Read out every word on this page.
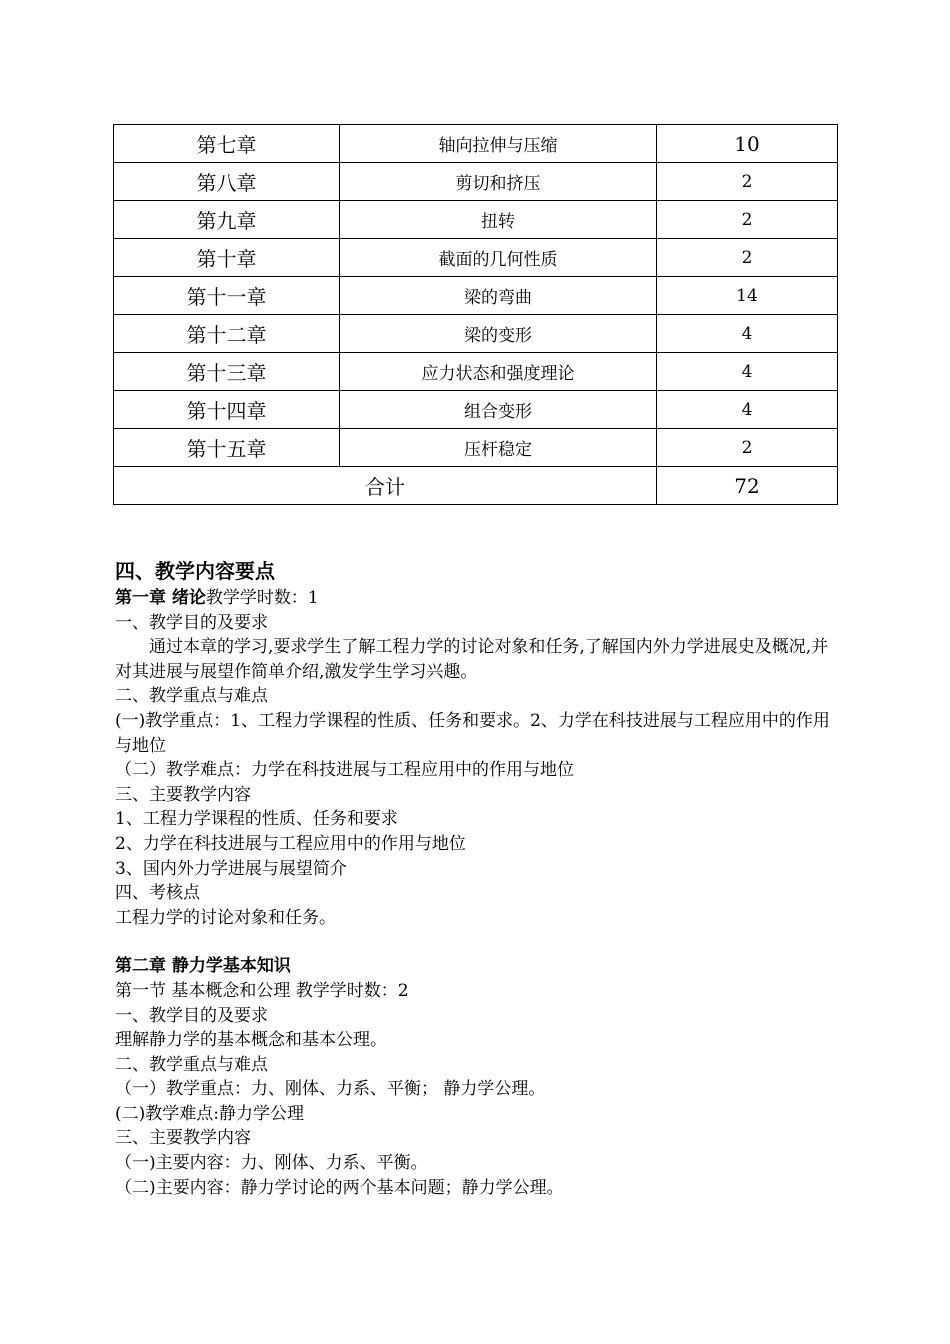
第七章	轴向拉伸与压缩	10
第八章	剪切和挤压	2
第九章	扭转	2
第十章	截面的几何性质	2
第十一章	梁的弯曲	14
第十二章	梁的变形	4
第十三章	应力状态和强度理论	4
第十四章	组合变形	4
第十五章	压杆稳定	2
合计		72

四、教学内容要点

第一章 绪论教学学时数：1

一、教学目的及要求

通过本章的学习,要求学生了解工程力学的讨论对象和任务,了解国内外力学进展史及概况,并对其进展与展望作简单介绍,激发学生学习兴趣。

二、教学重点与难点

(一)教学重点：1、工程力学课程的性质、任务和要求。2、力学在科技进展与工程应用中的作用与地位

（二）教学难点：力学在科技进展与工程应用中的作用与地位

三、主要教学内容

1、工程力学课程的性质、任务和要求

2、力学在科技进展与工程应用中的作用与地位

3、国内外力学进展与展望简介

四、考核点

工程力学的讨论对象和任务。

第二章 静力学基本知识

第一节 基本概念和公理 教学学时数：2

一、教学目的及要求

理解静力学的基本概念和基本公理。

二、教学重点与难点

（一）教学重点：力、刚体、力系、平衡； 静力学公理。

(二)教学难点:静力学公理

三、主要教学内容

（一)主要内容：力、刚体、力系、平衡。

（二)主要内容：静力学讨论的两个基本问题；静力学公理。
